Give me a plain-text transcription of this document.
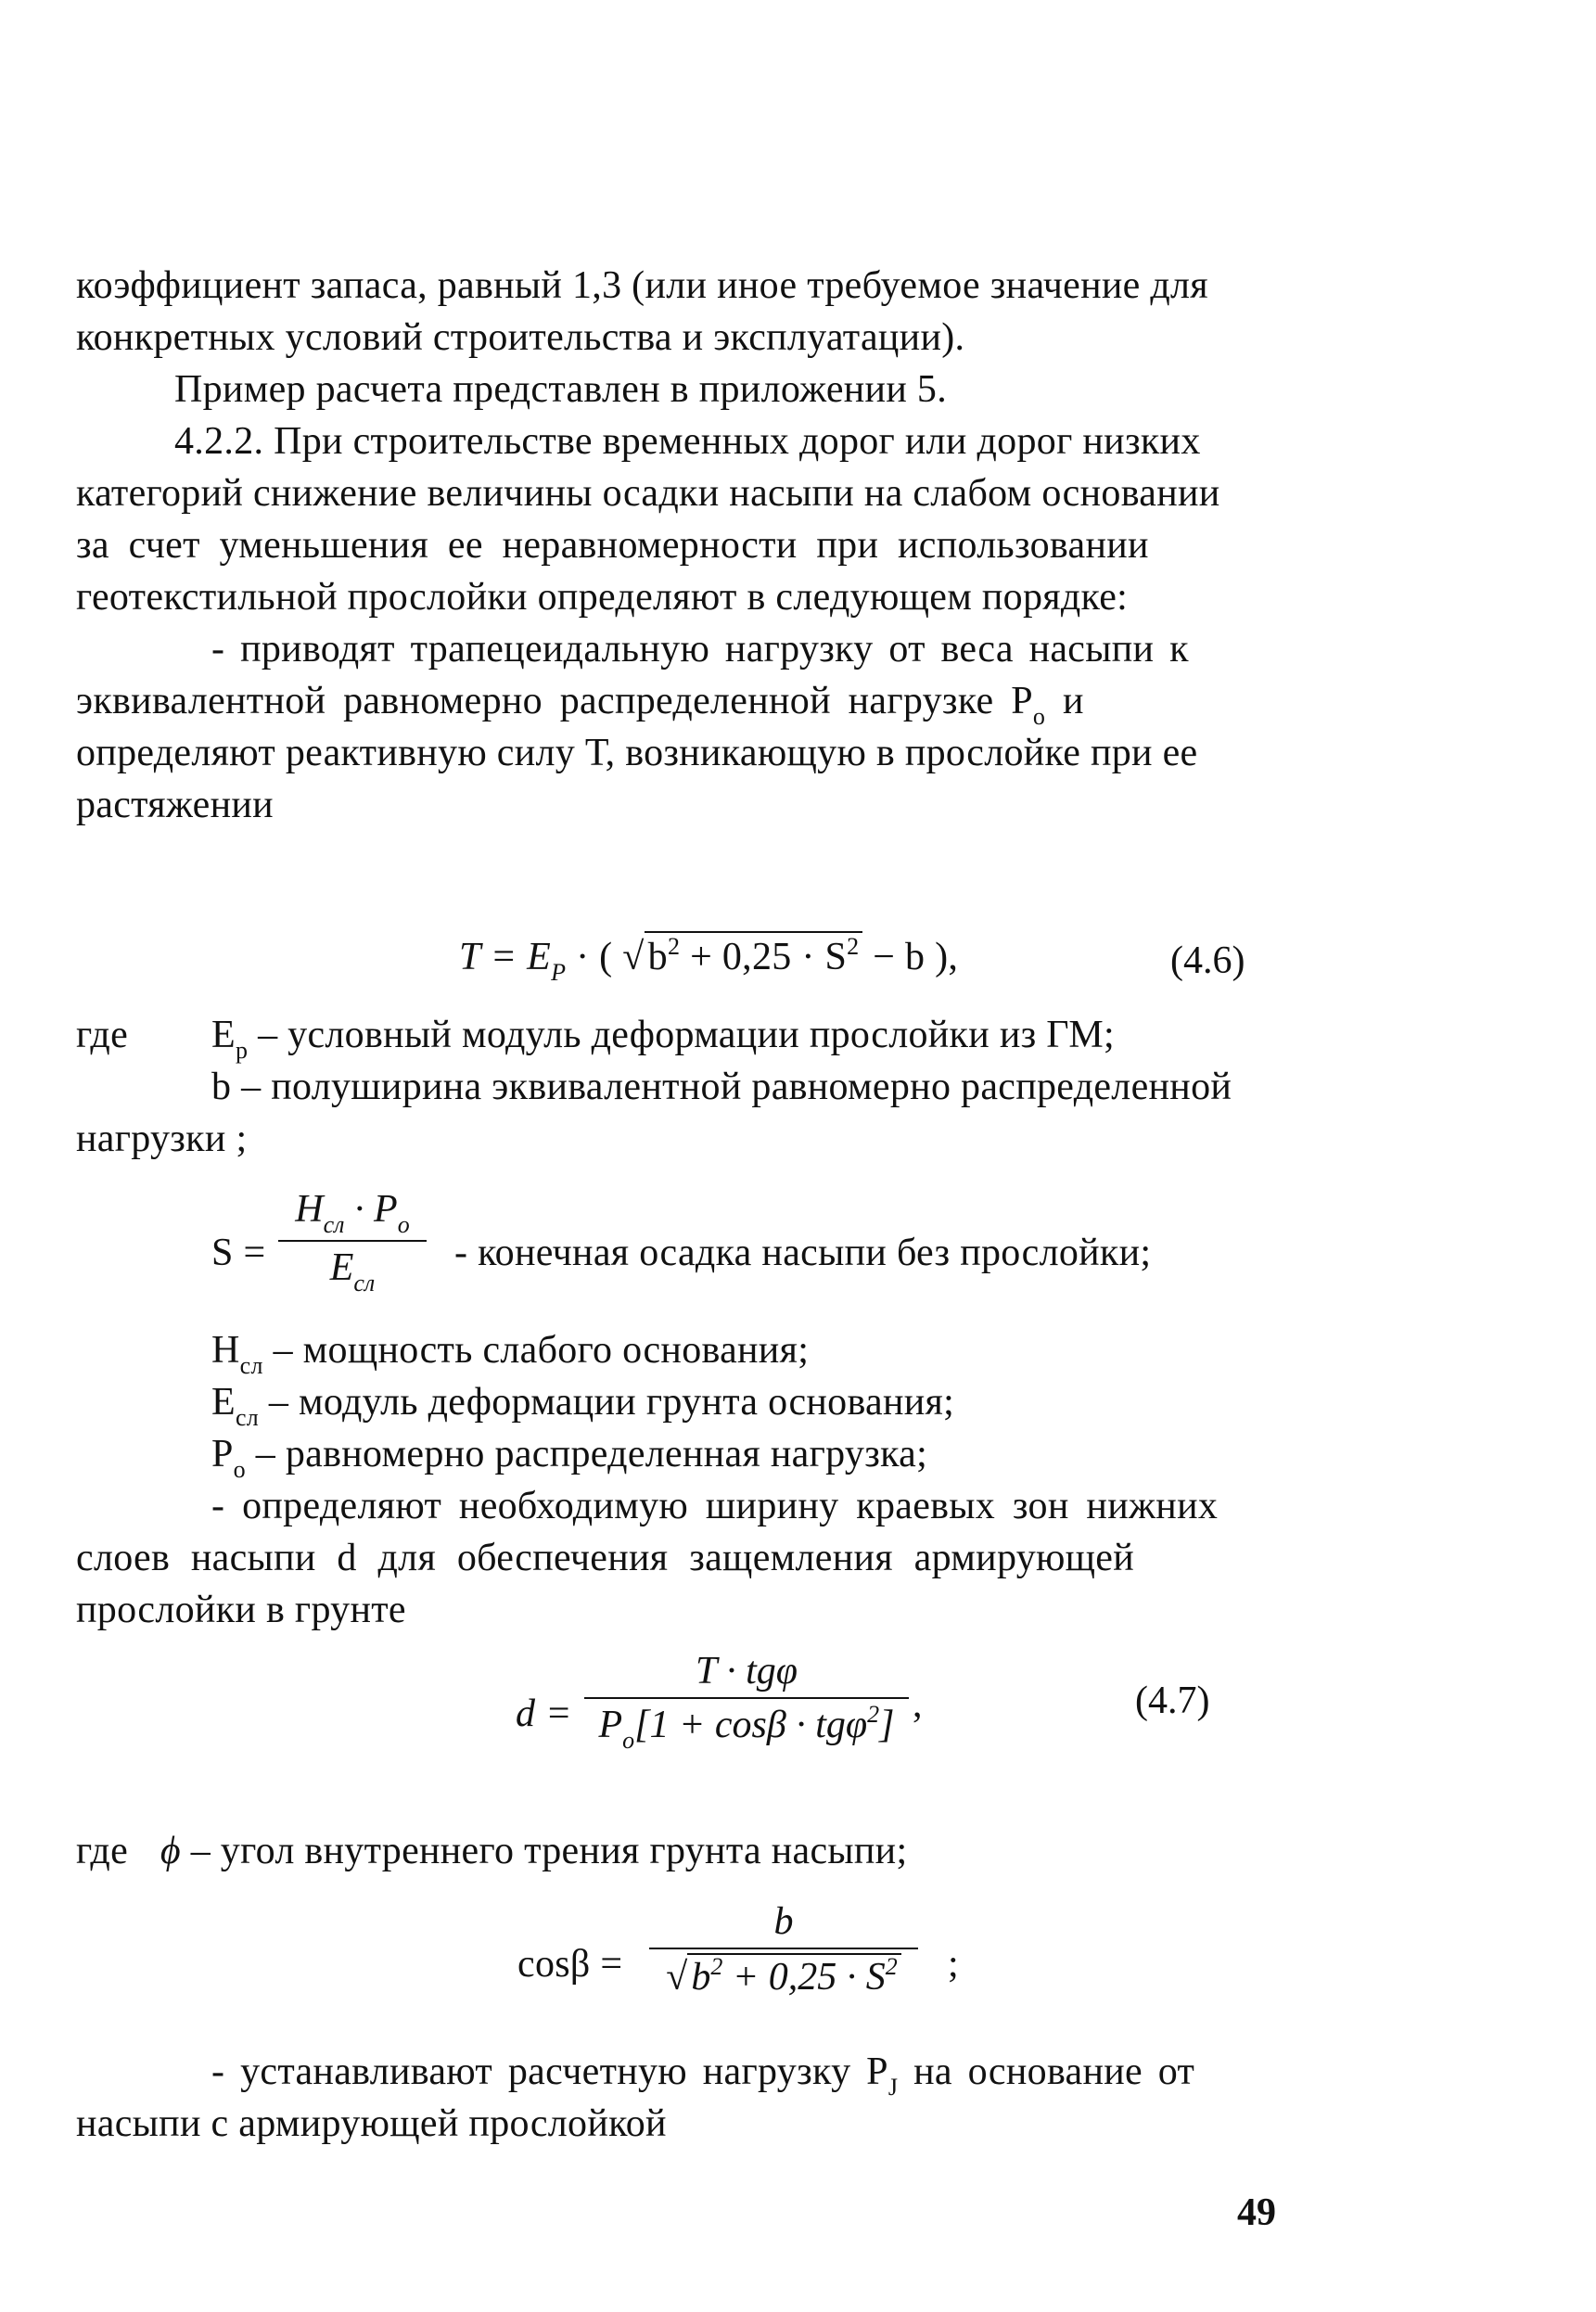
коэффициент запаса, равный 1,3 (или иное требуемое значение для
конкретных условий строительства и эксплуатации).
Пример расчета представлен в приложении 5.
4.2.2. При строительстве временных дорог или дорог низких
категорий снижение величины осадки насыпи на слабом основании
за счет уменьшения ее неравномерности при использовании
геотекстильной прослойки определяют в следующем порядке:
- приводят трапецеидальную нагрузку от веса насыпи к
эквивалентной равномерно распределенной нагрузке $P_о$ и
определяют реактивную силу Т, возникающую в прослойке при ее
растяжении
$T = E_P$ · ( $√b^2 + 0,25 \cdot S^2 - b$ ),	(4.6)
где $E_p$ – условный модуль деформации прослойки из ГМ;
b – полуширина эквивалентной равномерно распределенной
нагрузки ;
S =
$H_{сл} \cdot P_o$
$E_{сл}$
- конечная осадка насыпи без прослойки;
$H_{сл}$ – мощность слабого основания;
$E_{сл}$ – модуль деформации грунта основания;
$P_о$ – равномерно распределенная нагрузка;
- определяют необходимую ширину краевых зон нижних
слоев насыпи d для обеспечения защемления армирующей
прослойки в грунте
d =
T · tgφ
$P_o[1 + \cos\beta \cdot tg\varphi^2]$ ,	(4.7)
где ϕ – угол внутреннего трения грунта насыпи;
cosβ =
b
$√b^2 + 0,25 \cdot S^2$	;
- устанавливают расчетную нагрузку $P_J$ на основание от
насыпи с армирующей прослойкой
49
